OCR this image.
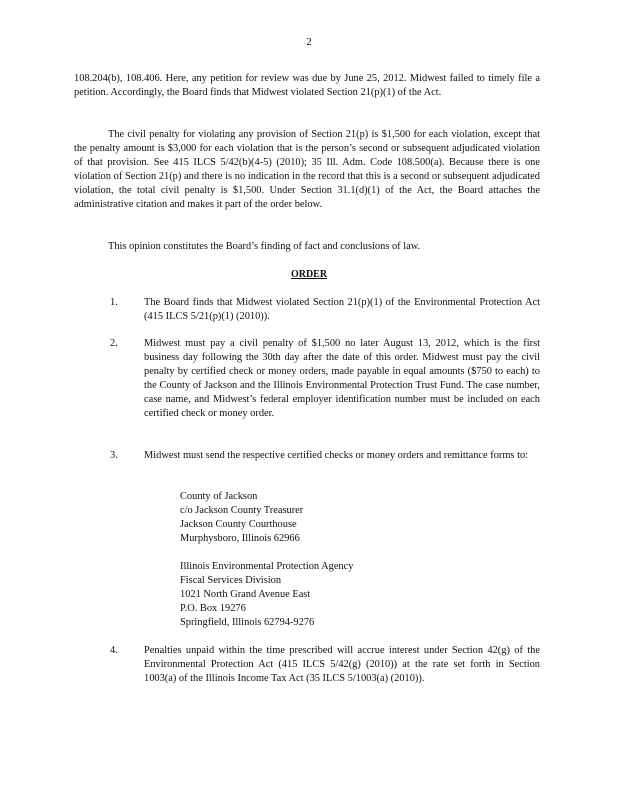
2
108.204(b), 108.406. Here, any petition for review was due by June 25, 2012. Midwest failed to timely file a petition. Accordingly, the Board finds that Midwest violated Section 21(p)(1) of the Act.
The civil penalty for violating any provision of Section 21(p) is $1,500 for each violation, except that the penalty amount is $3,000 for each violation that is the person’s second or subsequent adjudicated violation of that provision. See 415 ILCS 5/42(b)(4-5) (2010); 35 Ill. Adm. Code 108.500(a). Because there is one violation of Section 21(p) and there is no indication in the record that this is a second or subsequent adjudicated violation, the total civil penalty is $1,500. Under Section 31.1(d)(1) of the Act, the Board attaches the administrative citation and makes it part of the order below.
This opinion constitutes the Board’s finding of fact and conclusions of law.
ORDER
1.	The Board finds that Midwest violated Section 21(p)(1) of the Environmental Protection Act (415 ILCS 5/21(p)(1) (2010)).
2.	Midwest must pay a civil penalty of $1,500 no later August 13, 2012, which is the first business day following the 30th day after the date of this order. Midwest must pay the civil penalty by certified check or money orders, made payable in equal amounts ($750 to each) to the County of Jackson and the Illinois Environmental Protection Trust Fund. The case number, case name, and Midwest’s federal employer identification number must be included on each certified check or money order.
3.	Midwest must send the respective certified checks or money orders and remittance forms to:
County of Jackson
c/o Jackson County Treasurer
Jackson County Courthouse
Murphysboro, Illinois 62966
Illinois Environmental Protection Agency
Fiscal Services Division
1021 North Grand Avenue East
P.O. Box 19276
Springfield, Illinois 62794-9276
4.	Penalties unpaid within the time prescribed will accrue interest under Section 42(g) of the Environmental Protection Act (415 ILCS 5/42(g) (2010)) at the rate set forth in Section 1003(a) of the Illinois Income Tax Act (35 ILCS 5/1003(a) (2010)).
